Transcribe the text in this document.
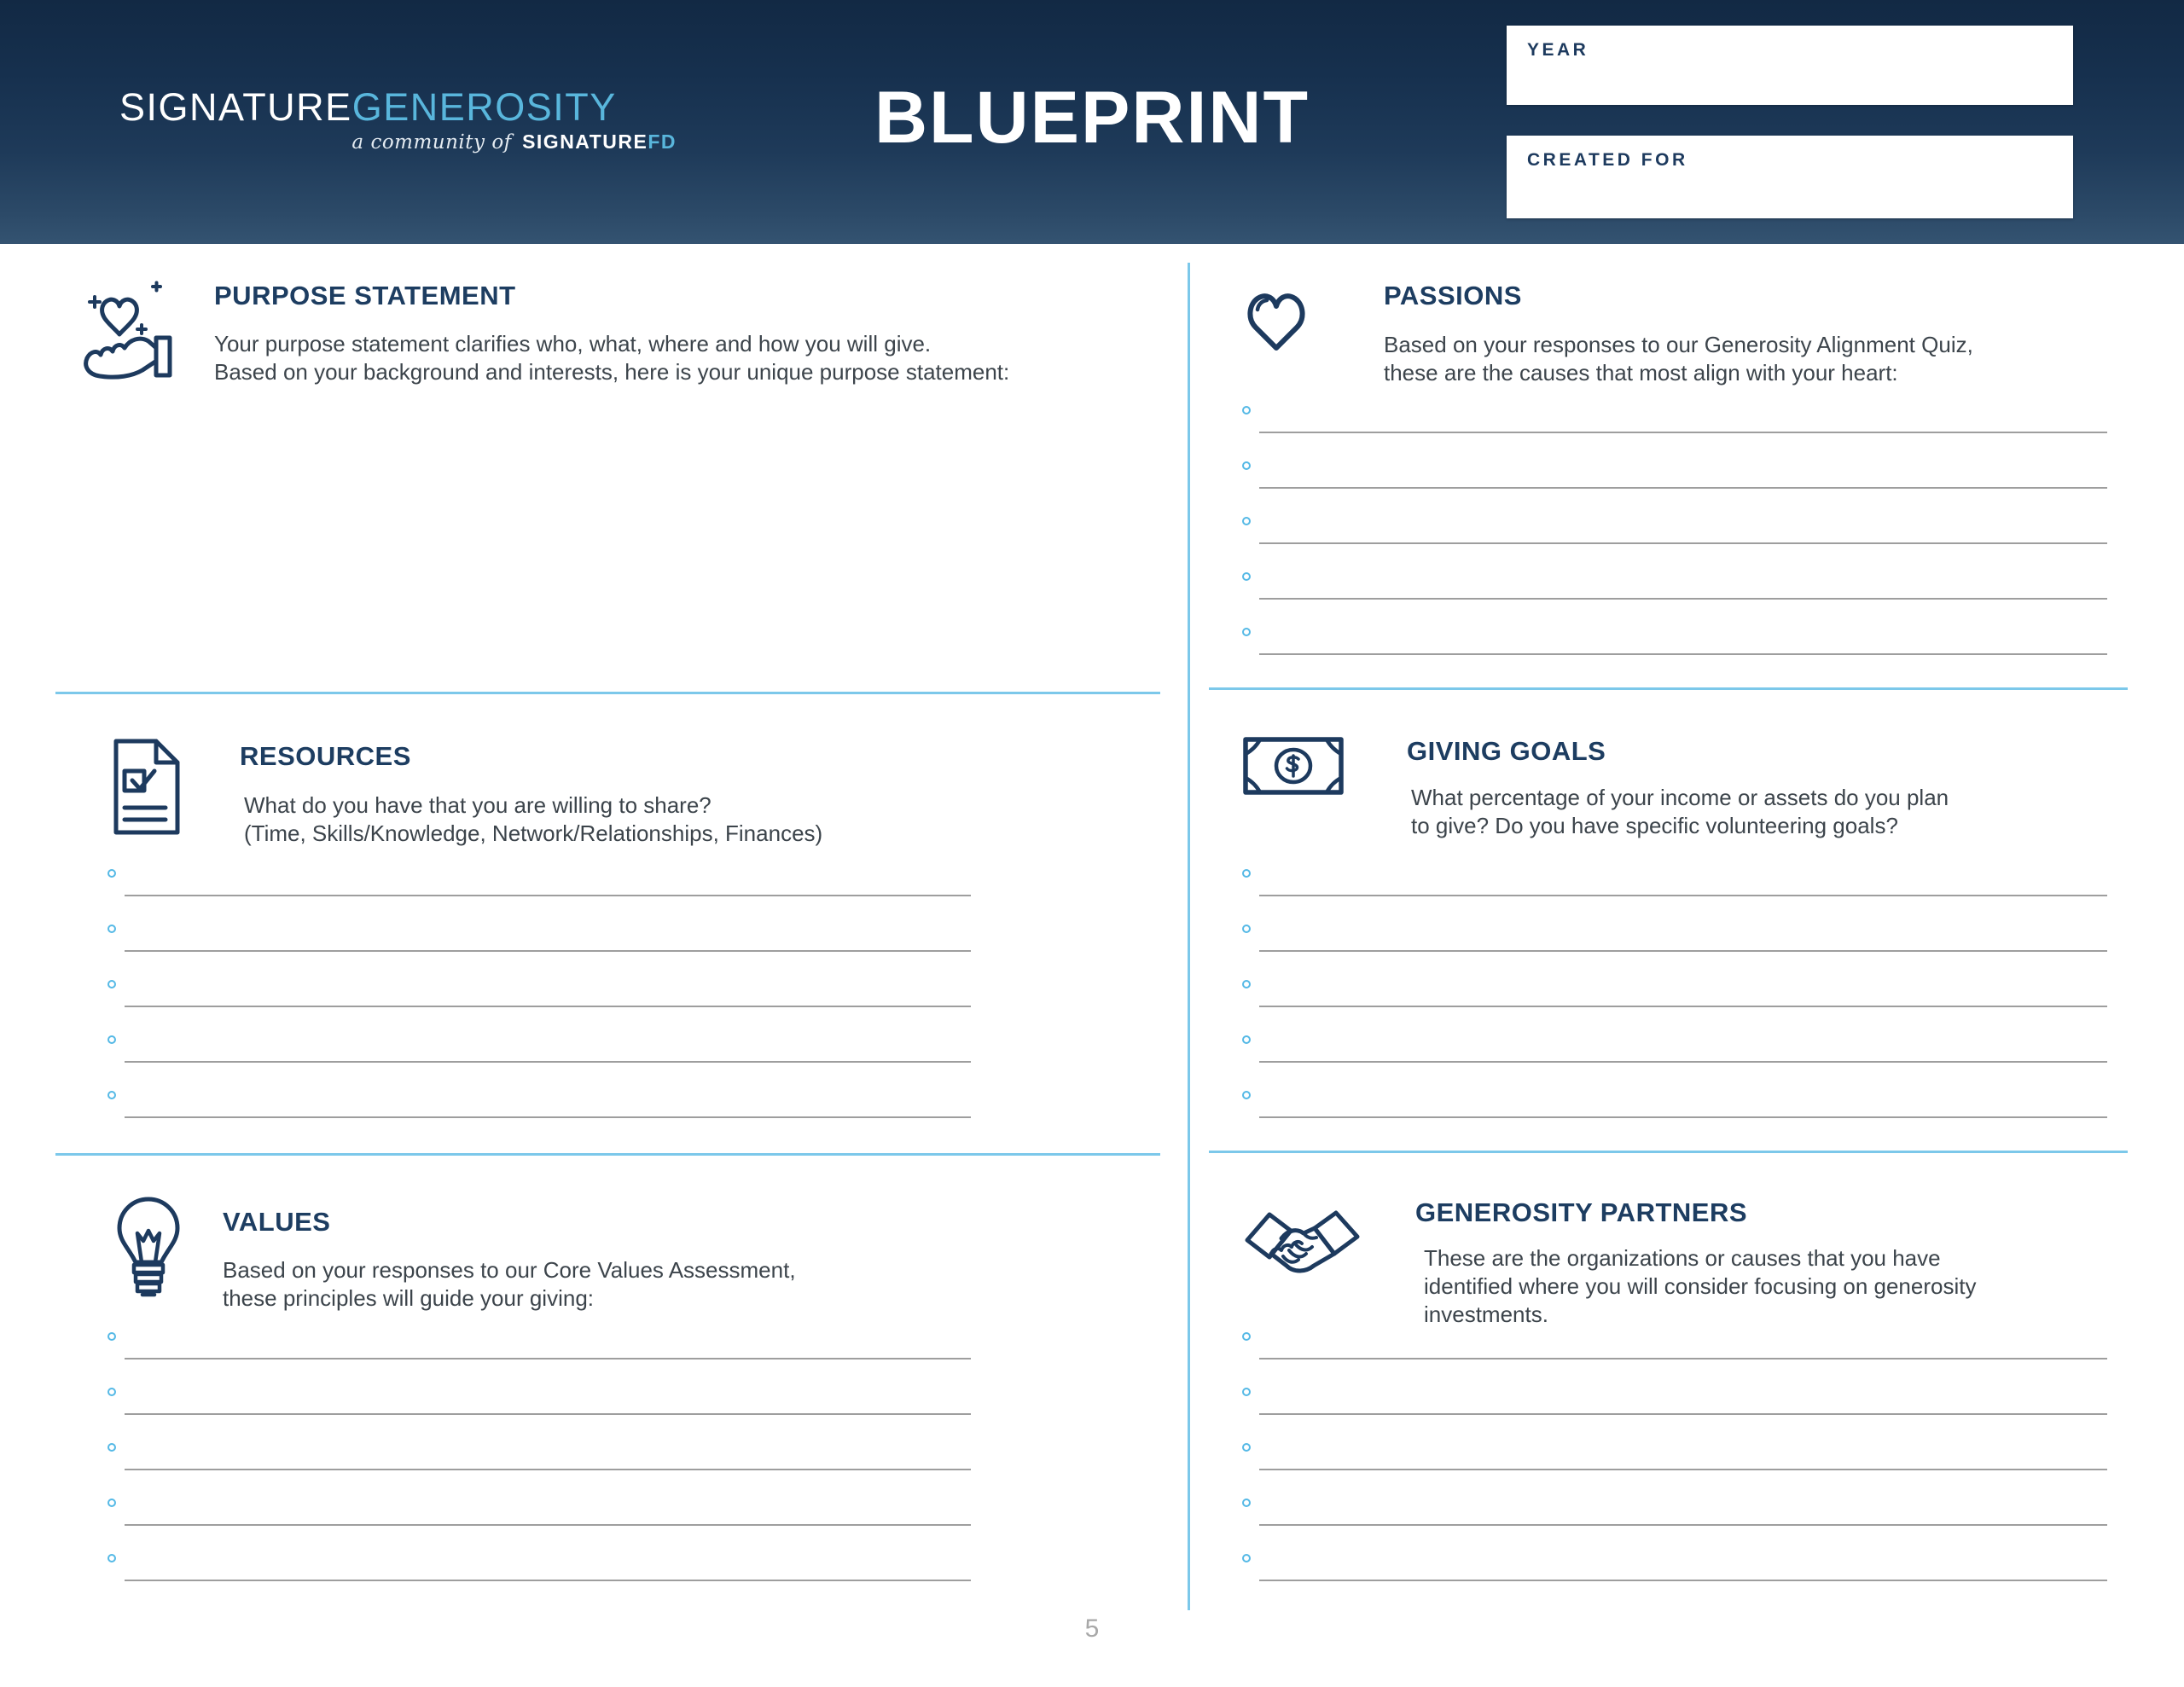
SIGNATUREGENEROSITY
a community of SIGNATUREFD	BLUEPRINT
YEAR
CREATED FOR
PURPOSE STATEMENT
Your purpose statement clarifies who, what, where and how you will give.
Based on your background and interests, here is your unique purpose statement:
PASSIONS
Based on your responses to our Generosity Alignment Quiz,
these are the causes that most align with your heart:
RESOURCES
What do you have that you are willing to share?
(Time, Skills/Knowledge, Network/Relationships, Finances)
GIVING GOALS
What percentage of your income or assets do you plan
to give? Do you have specific volunteering goals?
VALUES
Based on your responses to our Core Values Assessment,
these principles will guide your giving:
GENEROSITY PARTNERS
These are the organizations or causes that you have
identified where you will consider focusing on generosity
investments.
5
